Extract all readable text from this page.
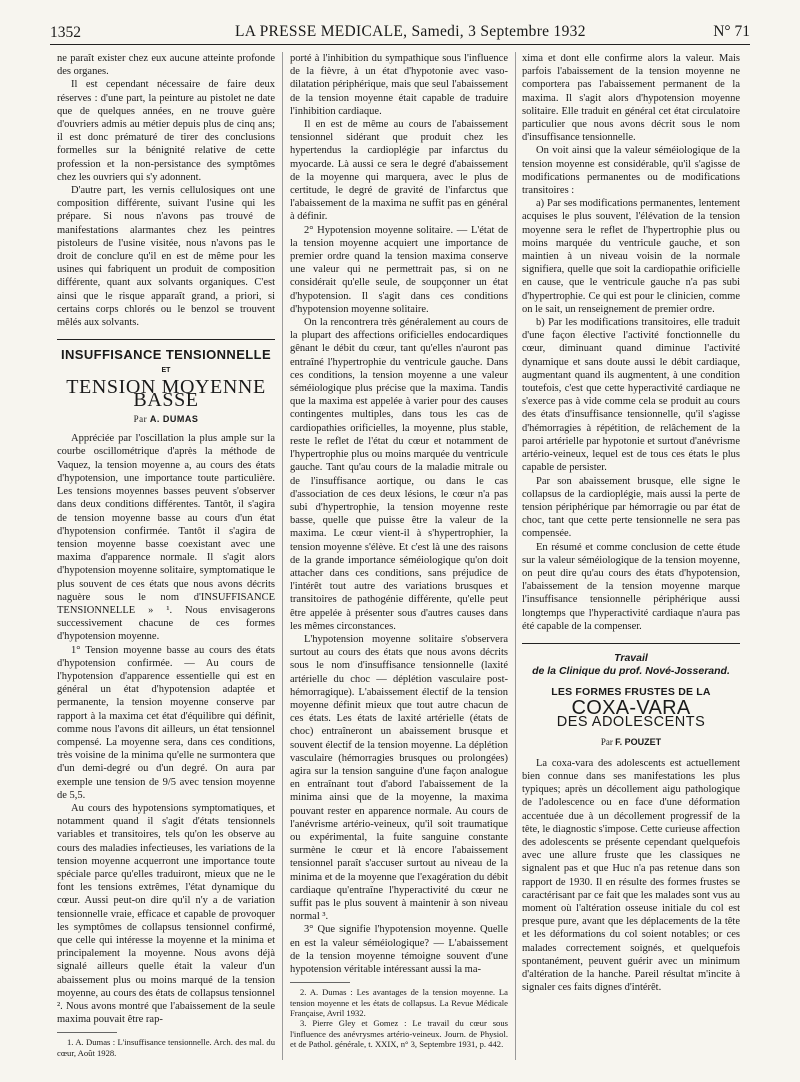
1352	LA PRESSE MEDICALE, Samedi, 3 Septembre 1932	N° 71

ne paraît exister chez eux aucune atteinte profonde des organes.

Il est cependant nécessaire de faire deux réserves : d'une part, la peinture au pistolet ne date que de quelques années, en ne trouve guère d'ouvriers admis au métier depuis plus de cinq ans; il est donc prématuré de tirer des conclusions formelles sur la bénignité relative de cette profession et la non-persistance des symptômes chez les ouvriers qui s'y adonnent.

D'autre part, les vernis cellulosiques ont une composition différente, suivant l'usine qui les prépare. Si nous n'avons pas trouvé de manifestations alarmantes chez les peintres pistoleurs de l'usine visitée, nous n'avons pas le droit de conclure qu'il en est de même pour les usines qui fabriquent un produit de composition différente, quant aux solvants organiques. C'est ainsi que le risque apparaît grand, a priori, si certains corps chlorés ou le benzol se trouvent mêlés aux solvants.

INSUFFISANCE TENSIONNELLE
ET
TENSION MOYENNE BASSE
Par A. DUMAS

Appréciée par l'oscillation la plus ample sur la courbe oscillométrique d'après la méthode de Vaquez, la tension moyenne a, au cours des états d'hypotension, une importance toute particulière. Les tensions moyennes basses peuvent s'observer dans deux conditions différentes. Tantôt, il s'agira de tension moyenne basse au cours d'un état d'hypotension confirmée. Tantôt il s'agira de tension moyenne basse coexistant avec une maxima d'apparence normale. Il s'agit alors d'hypotension moyenne solitaire, symptomatique le plus souvent de ces états que nous avons décrits naguère sous le nom d'INSUFFISANCE TENSIONNELLE » ¹. Nous envisagerons successivement chacune de ces formes d'hypotension moyenne.

1° Tension moyenne basse au cours des états d'hypotension confirmée. — Au cours de l'hypotension d'apparence essentielle qui est en général un état d'hypotension adaptée et permanente, la tension moyenne conserve par rapport à la maxima cet état d'équilibre qui définit, comme nous l'avons dit ailleurs, un état tensionnel compensé. La moyenne sera, dans ces conditions, très voisine de la minima qu'elle ne surmontera que d'un demi-degré ou d'un degré. On aura par exemple une tension de 9/5 avec tension moyenne de 5,5.

Au cours des hypotensions symptomatiques, et notamment quand il s'agit d'états tensionnels variables et transitoires, tels qu'on les observe au cours des maladies infectieuses, les variations de la tension moyenne acquerront une importance toute spéciale parce qu'elles traduiront, mieux que ne le font les tensions extrêmes, l'état dynamique du cœur. Aussi peut-on dire qu'il n'y a de variation tensionnelle vraie, efficace et capable de provoquer les symptômes de collapsus tensionnel confirmé, que celle qui intéresse la moyenne et la minima et principalement la moyenne. Nous avons déjà signalé ailleurs quelle était la valeur d'un abaissement plus ou moins marqué de la tension moyenne, au cours des états de collapsus tensionnel ². Nous avons montré que l'abaissement de la seule maxima pouvait être rap-

1. A. Dumas : L'insuffisance tensionnelle. Arch. des mal. du cœur, Août 1928.

porté à l'inhibition du sympathique sous l'influence de la fièvre, à un état d'hypotonie avec vaso-dilatation périphérique, mais que seul l'abaissement de la tension moyenne était capable de traduire l'inhibition cardiaque.

Il en est de même au cours de l'abaissement tensionnel sidérant que produit chez les hypertendus la cardioplégie par infarctus du myocarde. Là aussi ce sera le degré d'abaissement de la moyenne qui marquera, avec le plus de certitude, le degré de gravité de l'infarctus que l'abaissement de la maxima ne suffit pas en général à définir.

2° Hypotension moyenne solitaire. — L'état de la tension moyenne acquiert une importance de premier ordre quand la tension maxima conserve une valeur qui ne permettrait pas, si on ne considérait qu'elle seule, de soupçonner un état d'hypotension. Il s'agit dans ces conditions d'hypotension moyenne solitaire.

On la rencontrera très généralement au cours de la plupart des affections orificielles endocardiques gênant le débit du cœur, tant qu'elles n'auront pas entraîné l'hypertrophie du ventricule gauche. Dans ces conditions, la tension moyenne a une valeur séméiologique plus précise que la maxima. Tandis que la maxima est appelée à varier pour des causes contingentes multiples, dans tous les cas de cardiopathies orificielles, la moyenne, plus stable, reste le reflet de l'état du cœur et notamment de l'hypertrophie plus ou moins marquée du ventricule gauche. Tant qu'au cours de la maladie mitrale ou de l'insuffisance aortique, ou dans le cas d'association de ces deux lésions, le cœur n'a pas subi d'hypertrophie, la tension moyenne reste basse, quelle que puisse être la valeur de la maxima. Le cœur vient-il à s'hypertrophier, la tension moyenne s'élève. Et c'est là une des raisons de la grande importance séméiologique qu'on doit attacher dans ces conditions, sans préjudice de l'intérêt tout autre des variations brusques et transitoires de pathogénie différente, qu'elle peut être appelée à présenter sous d'autres causes dans les mêmes circonstances.

L'hypotension moyenne solitaire s'observera surtout au cours des états que nous avons décrits sous le nom d'insuffisance tensionnelle (laxité artérielle du choc — déplétion vasculaire post-hémorragique). L'abaissement électif de la tension moyenne définit mieux que tout autre chacun de ces états. Les états de laxité artérielle (états de choc) entraîneront un abaissement brusque et souvent électif de la tension moyenne. La déplétion vasculaire (hémorragies brusques ou prolongées) agira sur la tension sanguine d'une façon analogue en entraînant tout d'abord l'abaissement de la minima ainsi que de la moyenne, la maxima pouvant rester en apparence normale. Au cours de l'anévrisme artério-veineux, qu'il soit traumatique ou expérimental, la fuite sanguine constante surmène le cœur et là encore l'abaissement tensionnel paraît s'accuser surtout au niveau de la minima et de la moyenne que l'exagération du débit cardiaque qu'entraîne l'hyperactivité du cœur ne suffit pas le plus souvent à maintenir à son niveau normal ³.

3° Que signifie l'hypotension moyenne. Quelle en est la valeur séméiologique? — L'abaissement de la tension moyenne témoigne souvent d'une hypotension véritable intéressant aussi la ma-

2. A. Dumas : Les avantages de la tension moyenne. La tension moyenne et les états de collapsus. La Revue Médicale Française, Avril 1932.

3. Pierre Gley et Gomez : Le travail du cœur sous l'influence des anévrysmes artério-veineux. Journ. de Physiol. et de Pathol. générale, t. XXIX, n° 3, Septembre 1931, p. 442.

xima et dont elle confirme alors la valeur. Mais parfois l'abaissement de la tension moyenne ne comportera pas l'abaissement permanent de la maxima. Il s'agit alors d'hypotension moyenne solitaire. Elle traduit en général cet état circulatoire particulier que nous avons décrit sous le nom d'insuffisance tensionnelle.

On voit ainsi que la valeur séméiologique de la tension moyenne est considérable, qu'il s'agisse de modifications permanentes ou de modifications transitoires :

a) Par ses modifications permanentes, lentement acquises le plus souvent, l'élévation de la tension moyenne sera le reflet de l'hypertrophie plus ou moins marquée du ventricule gauche, et son maintien à un niveau voisin de la normale signifiera, quelle que soit la cardiopathie orificielle en cause, que le ventricule gauche n'a pas subi d'hypertrophie. Ce qui est pour le clinicien, comme on le sait, un renseignement de premier ordre.

b) Par les modifications transitoires, elle traduit d'une façon élective l'activité fonctionnelle du cœur, diminuant quand diminue l'activité dynamique et sans doute aussi le débit cardiaque, augmentant quand ils augmentent, à une condition toutefois, c'est que cette hyperactivité cardiaque ne s'exerce pas à vide comme cela se produit au cours des états d'insuffisance tensionnelle, qu'il s'agisse d'hémorragies à répétition, de relâchement de la paroi artérielle par hypotonie et surtout d'anévrisme artério-veineux, lequel est de tous ces états le plus capable de persister.

Par son abaissement brusque, elle signe le collapsus de la cardioplégie, mais aussi la perte de tension périphérique par hémorragie ou par état de choc, tant que cette perte tensionnelle ne sera pas compensée.

En résumé et comme conclusion de cette étude sur la valeur séméiologique de la tension moyenne, on peut dire qu'au cours des états d'hypotension, l'abaissement de la tension moyenne marque l'insuffisance tensionnelle périphérique aussi longtemps que l'hyperactivité cardiaque n'aura pas été capable de la compenser.

Travail
de la Clinique du prof. Nové-Josserand.
LES FORMES FRUSTES DE LA
COXA-VARA
DES ADOLESCENTS
Par F. POUZET

La coxa-vara des adolescents est actuellement bien connue dans ses manifestations les plus typiques; après un décollement aigu pathologique de l'adolescence ou en face d'une déformation accentuée due à un décollement progressif de la tête, le diagnostic s'impose. Cette curieuse affection des adolescents se présente cependant quelquefois avec une allure fruste que les classiques ne signalent pas et que Huc n'a pas retenue dans son rapport de 1930. Il en résulte des formes frustes se caractérisant par ce fait que les malades sont vus au moment où l'altération osseuse initiale du col est presque pure, avant que les déplacements de la tête et les déformations du col soient notables; or ces malades correctement soignés, et quelquefois spontanément, peuvent guérir avec un minimum d'altération de la hanche. Pareil résultat m'incite à signaler ces faits dignes d'intérêt.
